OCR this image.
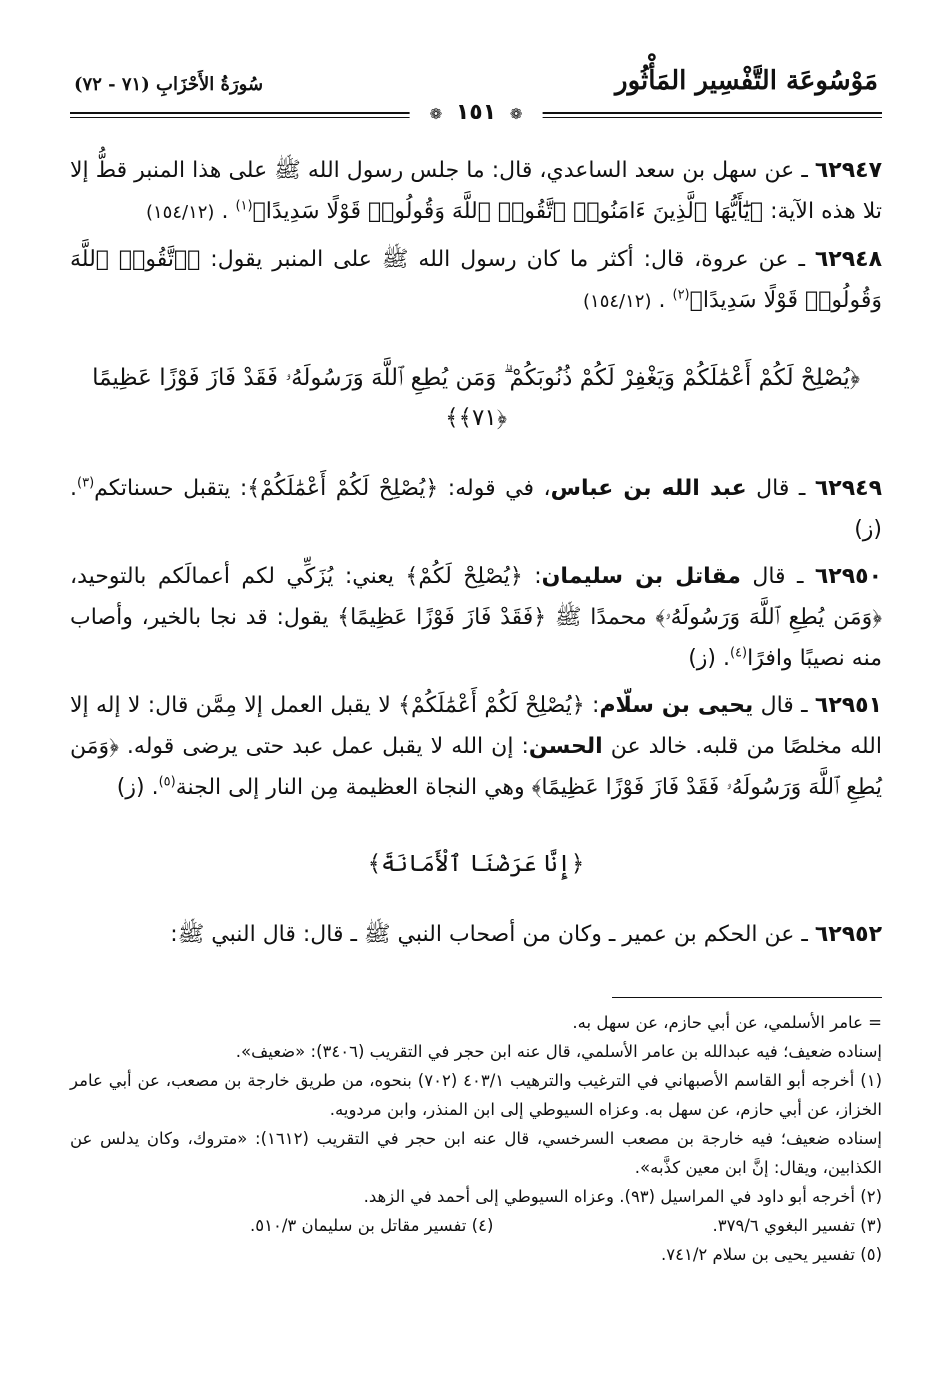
مَوْسُوعَة التَّفْسِير المَأْثُور
سُورَةُ الأَحْزَابِ (٧١ - ٧٢)
❁ ١٥١ ❁

٦٢٩٤٧ ـ عن سهل بن سعد الساعدي، قال: ما جلس رسول الله ﷺ على هذا المنبر قطُّ إلا تلا هذه الآية: ﴿يَٰٓأَيُّهَا ٱلَّذِينَ ءَامَنُوا۟ ٱتَّقُوا۟ ٱللَّهَ وَقُولُوا۟ قَوْلًا سَدِيدًا﴾$^{(١)}$ . (١٥٤/١٢)

٦٢٩٤٨ ـ عن عروة، قال: أكثر ما كان رسول الله ﷺ على المنبر يقول: ﴿ٱتَّقُوا۟ ٱللَّهَ وَقُولُوا۟ قَوْلًا سَدِيدًا﴾$^{(٢)}$ . (١٥٤/١٢)

﴿يُصْلِحْ لَكُمْ أَعْمَٰلَكُمْ وَيَغْفِرْ لَكُمْ ذُنُوبَكُمْ ۗ وَمَن يُطِعِ ٱللَّهَ وَرَسُولَهُۥ فَقَدْ فَازَ فَوْزًا عَظِيمًا ﴿٧١﴾﴾

٦٢٩٤٩ ـ قال عبد الله بن عباس، في قوله: ﴿يُصْلِحْ لَكُمْ أَعْمَٰلَكُمْ﴾: يتقبل حسناتكم$^{(٣)}$. (ز)

٦٢٩٥٠ ـ قال مقاتل بن سليمان: ﴿يُصْلِحْ لَكُمْ﴾ يعني: يُزَكِّي لكم أعمالَكم بالتوحيد، ﴿وَمَن يُطِعِ ٱللَّهَ وَرَسُولَهُۥ﴾ محمدًا ﷺ ﴿فَقَدْ فَازَ فَوْزًا عَظِيمًا﴾ يقول: قد نجا بالخير، وأصاب منه نصيبًا وافرًا$^{(٤)}$. (ز)

٦٢٩٥١ ـ قال يحيى بن سلّام: ﴿يُصْلِحْ لَكُمْ أَعْمَٰلَكُمْ﴾ لا يقبل العمل إلا مِمَّن قال: لا إله إلا الله مخلصًا من قلبه. خالد عن الحسن: إن الله لا يقبل عمل عبد حتى يرضى قوله. ﴿وَمَن يُطِعِ ٱللَّهَ وَرَسُولَهُۥ فَقَدْ فَازَ فَوْزًا عَظِيمًا﴾ وهي النجاة العظيمة مِن النار إلى الجنة$^{(٥)}$. (ز)

﴿إِنَّا عَرَضْنَا ٱلْأَمَانَةَ﴾

٦٢٩٥٢ ـ عن الحكم بن عمير ـ وكان من أصحاب النبي ﷺ ـ قال: قال النبي ﷺ:

= عامر الأسلمي، عن أبي حازم، عن سهل به.

إسناده ضعيف؛ فيه عبدالله بن عامر الأسلمي، قال عنه ابن حجر في التقريب (٣٤٠٦): «ضعيف».

(١) أخرجه أبو القاسم الأصبهاني في الترغيب والترهيب ٤٠٣/١ (٧٠٢) بنحوه، من طريق خارجة بن مصعب، عن أبي عامر الخزاز، عن أبي حازم، عن سهل به. وعزاه السيوطي إلى ابن المنذر، وابن مردويه.

إسناده ضعيف؛ فيه خارجة بن مصعب السرخسي، قال عنه ابن حجر في التقريب (١٦١٢): «متروك، وكان يدلس عن الكذابين، ويقال: إنَّ ابن معين كذَّبه».

(٢) أخرجه أبو داود في المراسيل (٩٣). وعزاه السيوطي إلى أحمد في الزهد.

(٣) تفسير البغوي ٣٧٩/٦.
(٤) تفسير مقاتل بن سليمان ٥١٠/٣.

(٥) تفسير يحيى بن سلام ٧٤١/٢.
